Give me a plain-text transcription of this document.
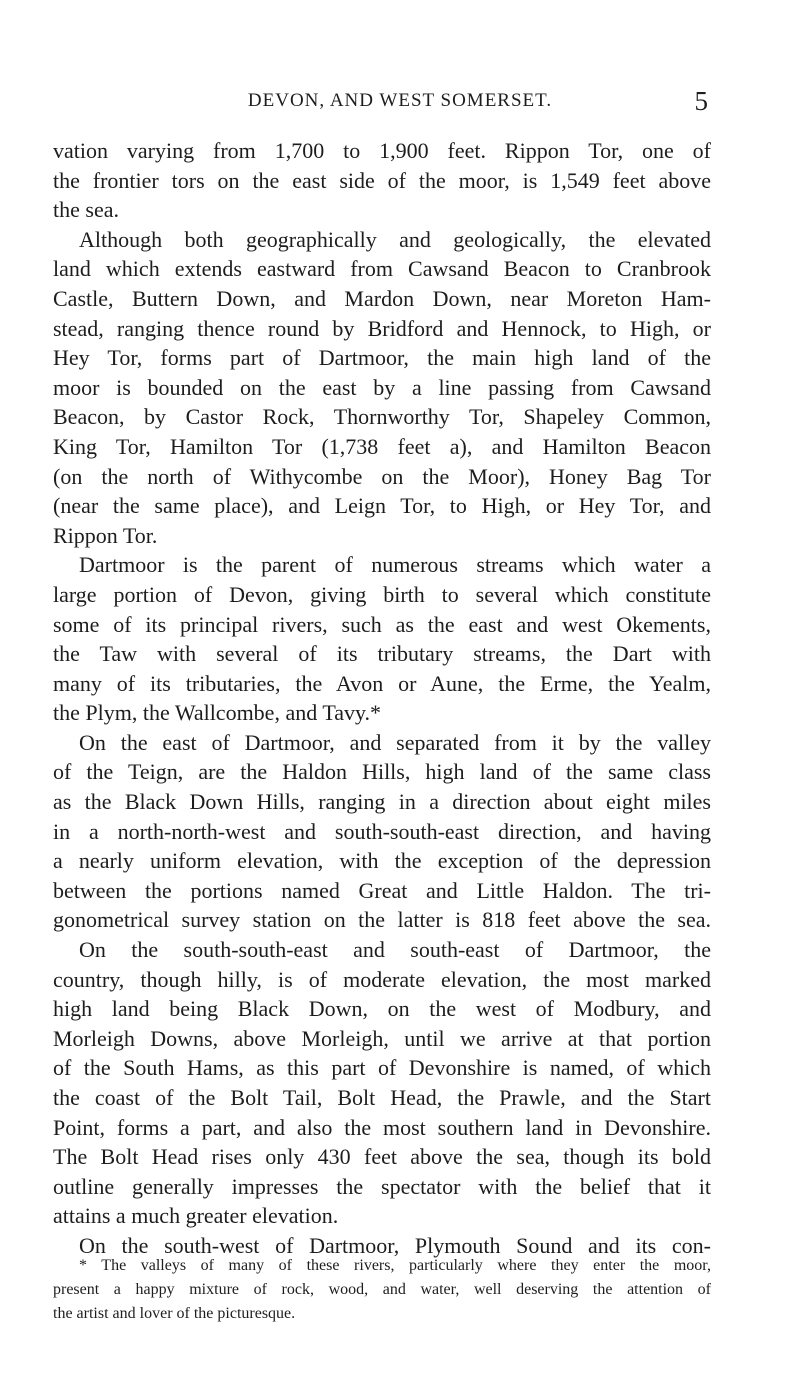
DEVON, AND WEST SOMERSET.	5
vation varying from 1,700 to 1,900 feet. Rippon Tor, one of
the frontier tors on the east side of the moor, is 1,549 feet above
the sea.
Although both geographically and geologically, the elevated
land which extends eastward from Cawsand Beacon to Cranbrook
Castle, Buttern Down, and Mardon Down, near Moreton Ham-
stead, ranging thence round by Bridford and Hennock, to High, or
Hey Tor, forms part of Dartmoor, the main high land of the
moor is bounded on the east by a line passing from Cawsand
Beacon, by Castor Rock, Thornworthy Tor, Shapeley Common,
King Tor, Hamilton Tor (1,738 feet a), and Hamilton Beacon
(on the north of Withycombe on the Moor), Honey Bag Tor
(near the same place), and Leign Tor, to High, or Hey Tor, and
Rippon Tor.
Dartmoor is the parent of numerous streams which water a
large portion of Devon, giving birth to several which constitute
some of its principal rivers, such as the east and west Okements,
the Taw with several of its tributary streams, the Dart with
many of its tributaries, the Avon or Aune, the Erme, the Yealm,
the Plym, the Wallcombe, and Tavy.*
On the east of Dartmoor, and separated from it by the valley
of the Teign, are the Haldon Hills, high land of the same class
as the Black Down Hills, ranging in a direction about eight miles
in a north-north-west and south-south-east direction, and having
a nearly uniform elevation, with the exception of the depression
between the portions named Great and Little Haldon. The tri-
gonometrical survey station on the latter is 818 feet above the sea.
On the south-south-east and south-east of Dartmoor, the
country, though hilly, is of moderate elevation, the most marked
high land being Black Down, on the west of Modbury, and
Morleigh Downs, above Morleigh, until we arrive at that portion
of the South Hams, as this part of Devonshire is named, of which
the coast of the Bolt Tail, Bolt Head, the Prawle, and the Start
Point, forms a part, and also the most southern land in Devonshire.
The Bolt Head rises only 430 feet above the sea, though its bold
outline generally impresses the spectator with the belief that it
attains a much greater elevation.
On the south-west of Dartmoor, Plymouth Sound and its con-
* The valleys of many of these rivers, particularly where they enter the moor,
present a happy mixture of rock, wood, and water, well deserving the attention of
the artist and lover of the picturesque.
